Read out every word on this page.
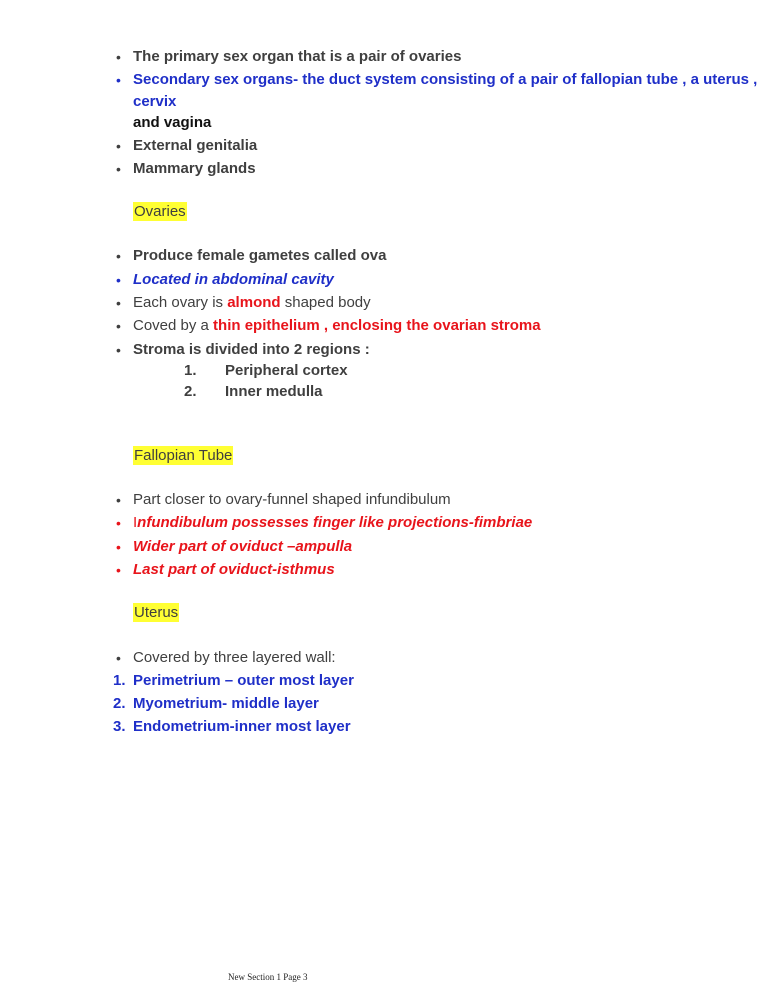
• The primary sex organ that is a pair of ovaries
• Secondary sex organs- the duct system consisting of a pair of fallopian tube , a uterus ,
cervix
and vagina
• External genitalia
• Mammary glands
Ovaries
• Produce female gametes called ova
• Located in abdominal cavity
• Each ovary is almond shaped body
• Coved by a thin epithelium , enclosing the ovarian stroma
• Stroma is divided into 2 regions :
1. Peripheral cortex
2. Inner medulla
Fallopian Tube
• Part closer to ovary-funnel shaped infundibulum
• Infundibulum possesses finger like projections-fimbriae
• Wider part of oviduct –ampulla
• Last part of oviduct-isthmus
Uterus
• Covered by three layered wall:
1. Perimetrium – outer most layer
2. Myometrium- middle layer
3. Endometrium-inner most layer
New Section 1 Page 3
